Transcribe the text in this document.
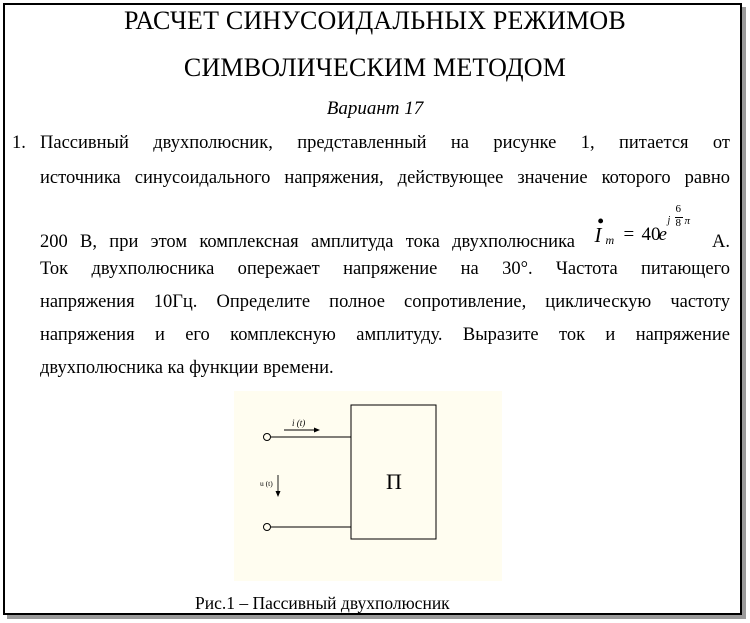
РАСЧЕТ СИНУСОИДАЛЬНЫХ РЕЖИМОВ
СИМВОЛИЧЕСКИМ МЕТОДОМ
Вариант 17
1. Пассивный двухполюсник, представленный на рисунке 1, питается от
источника синусоидального напряжения, действующее значение которого равно
200 В, при этом комплексная амплитуда тока двухполюсника
•
I m = 40
e
j
6
8 π
А.
Ток двухполюсника опережает напряжение на 30°. Частота питающего
напряжения 10Гц. Определите полное сопротивление, циклическую частоту
напряжения и его комплексную амплитуду. Выразите ток и напряжение
двухполюсника ка функции времени.
i (t)
u (t)	П
Рис.1 – Пассивный двухполюсник
